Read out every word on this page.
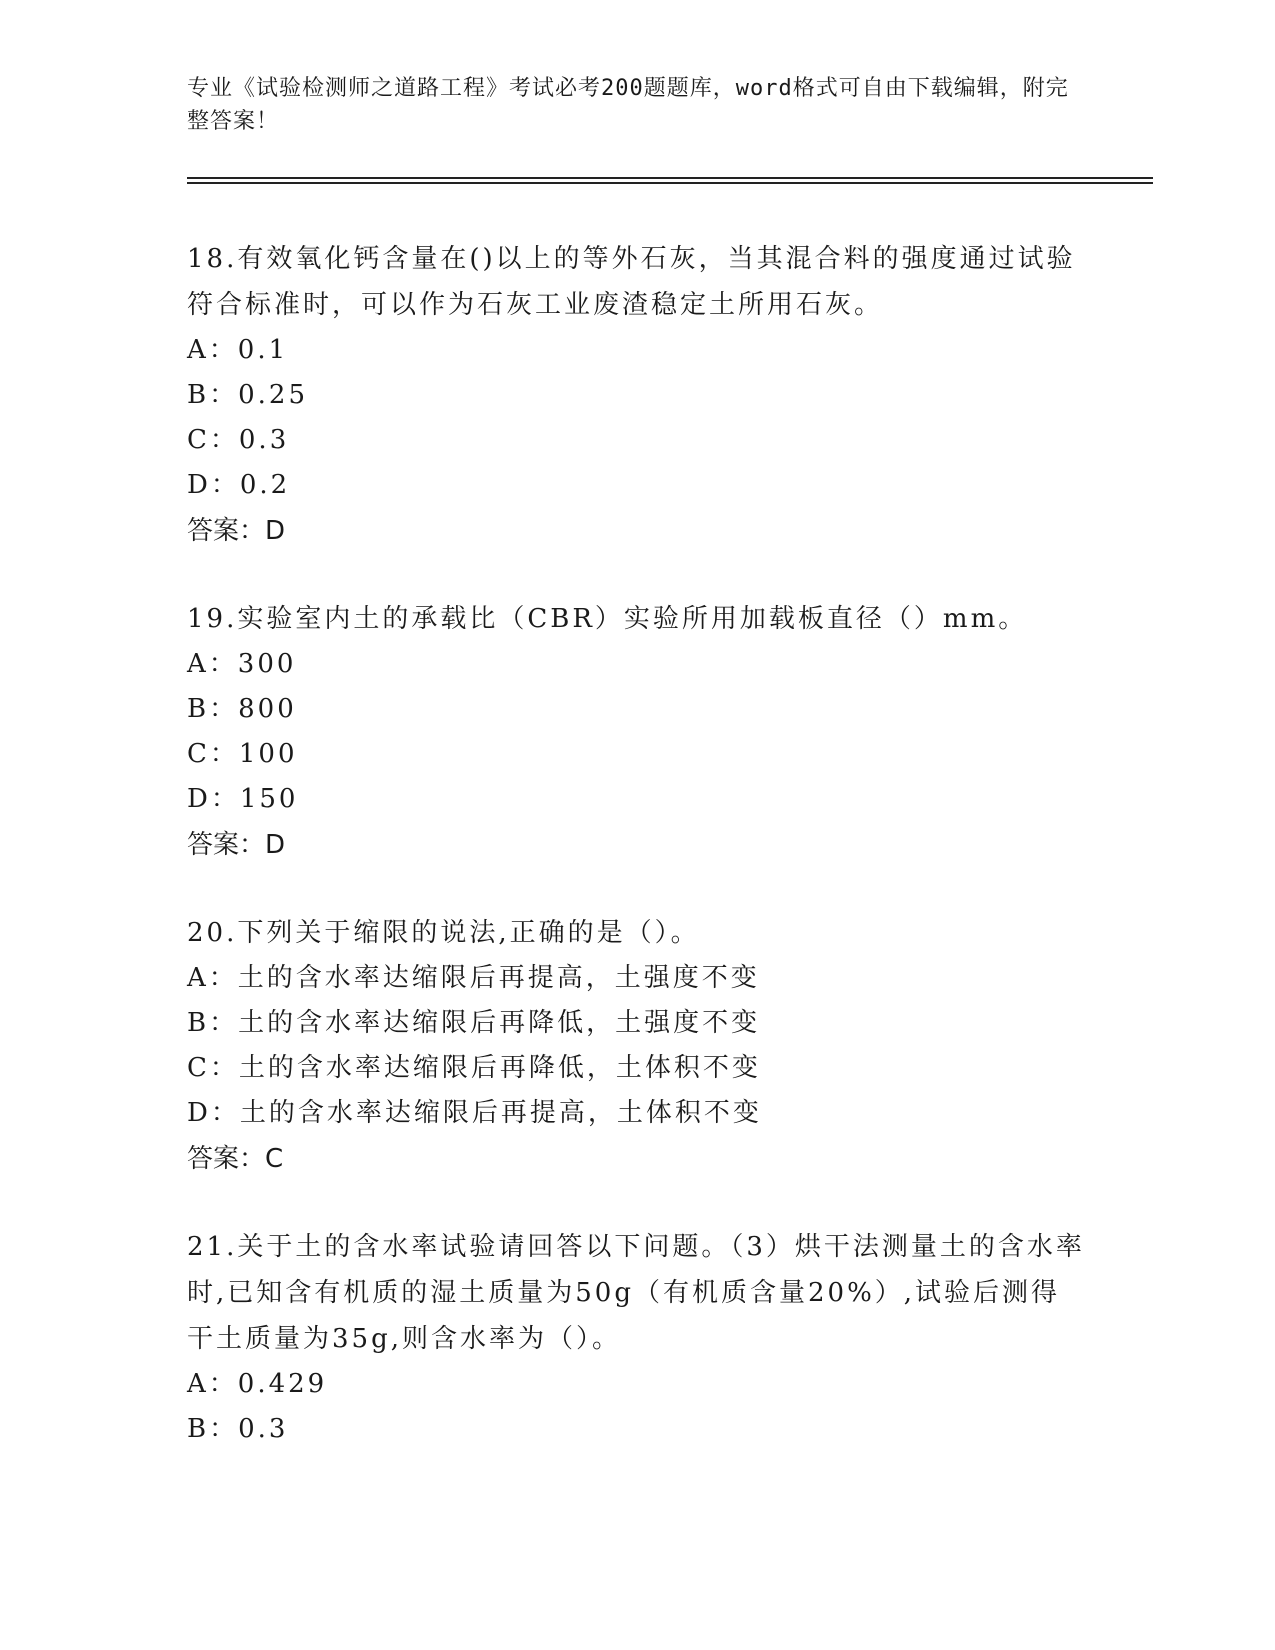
专业《试验检测师之道路工程》考试必考200题题库，word格式可自由下载编辑，附完整答案！

18.有效氧化钙含量在()以上的等外石灰，当其混合料的强度通过试验符合标准时，可以作为石灰工业废渣稳定土所用石灰。

A：0.1

B：0.25

C：0.3

D：0.2

答案：D

19.实验室内土的承载比（CBR）实验所用加载板直径（）mm。

A：300

B：800

C：100

D：150

答案：D

20.下列关于缩限的说法,正确的是（）。

A：土的含水率达缩限后再提高，土强度不变

B：土的含水率达缩限后再降低，土强度不变

C：土的含水率达缩限后再降低，土体积不变

D：土的含水率达缩限后再提高，土体积不变

答案：C

21.关于土的含水率试验请回答以下问题。（3）烘干法测量土的含水率时,已知含有机质的湿土质量为50g（有机质含量20%）,试验后测得干土质量为35g,则含水率为（）。

A：0.429

B：0.3
